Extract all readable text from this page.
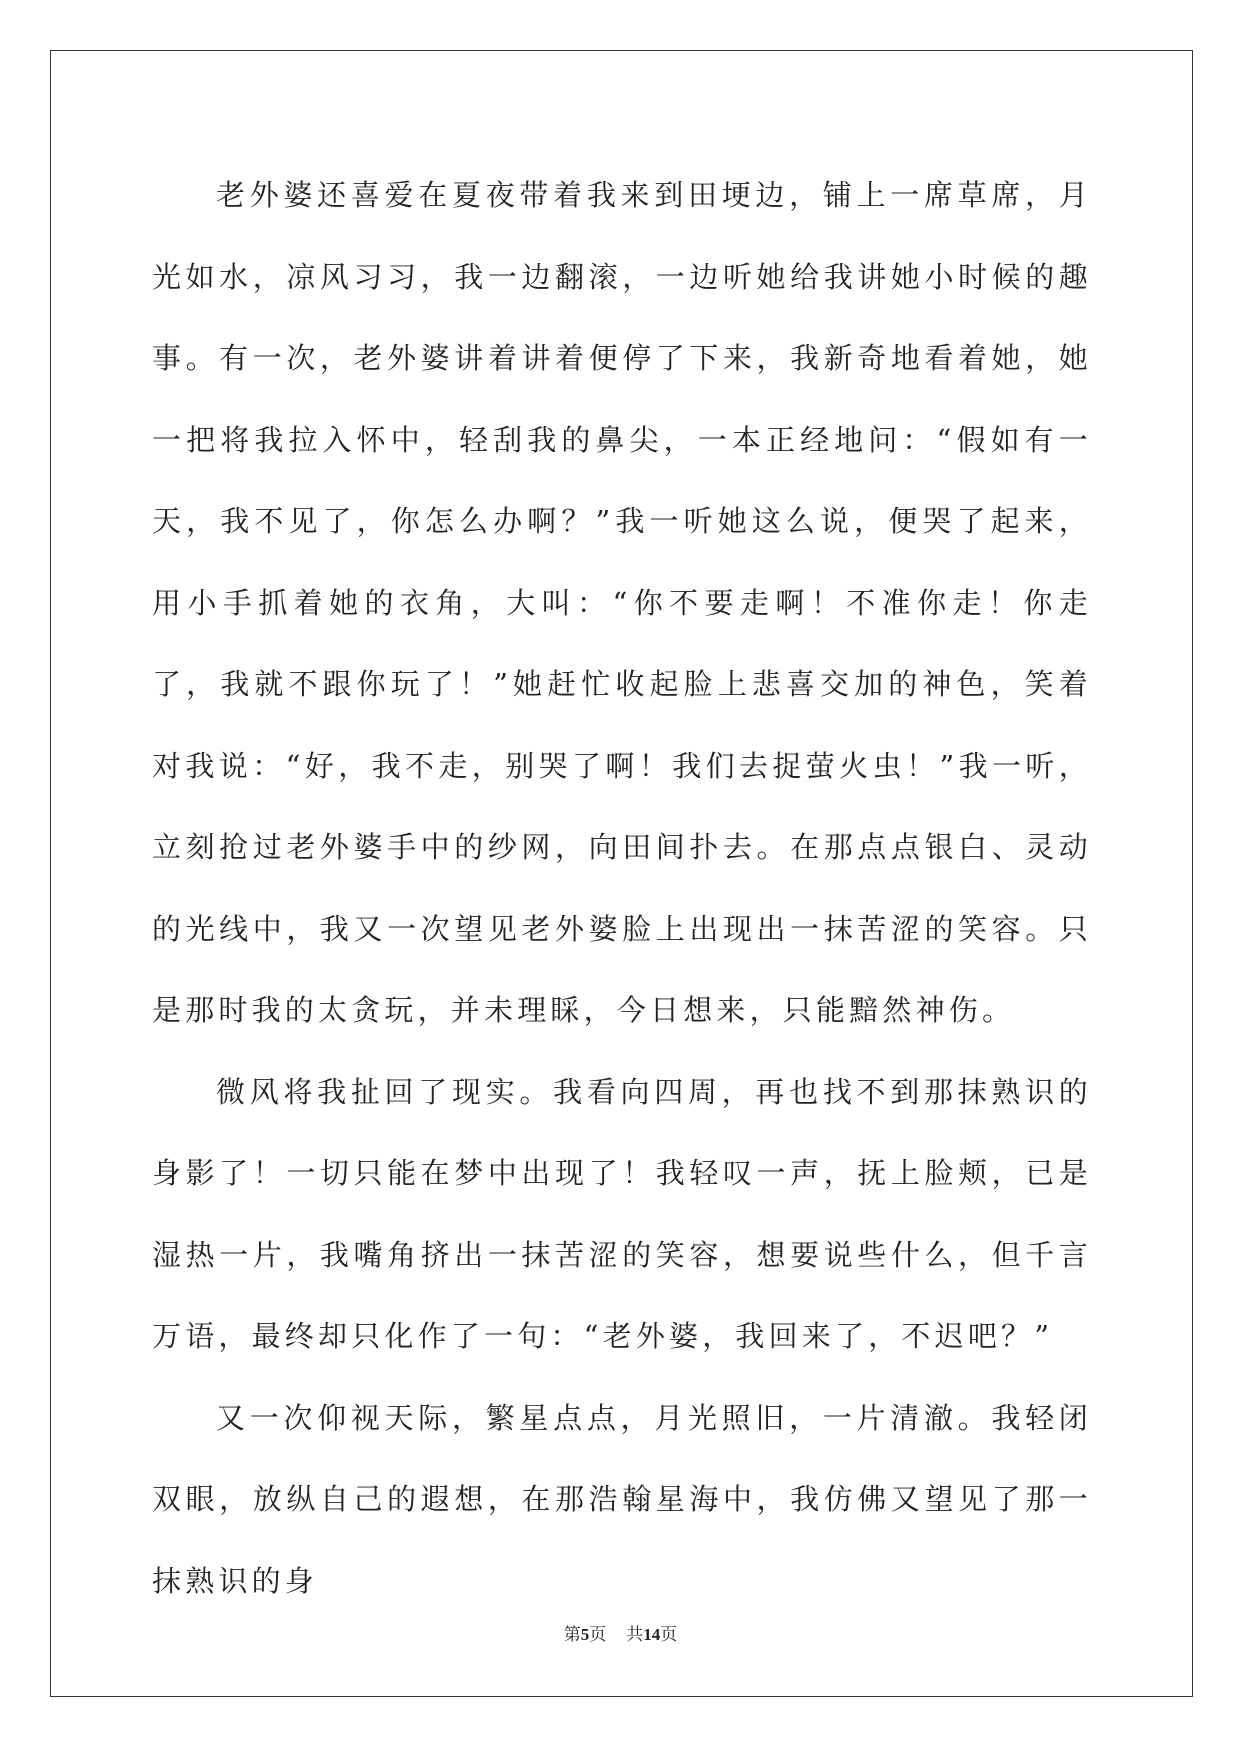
老外婆还喜爱在夏夜带着我来到田埂边，铺上一席草席，月光如水，凉风习习，我一边翻滚，一边听她给我讲她小时候的趣事。有一次，老外婆讲着讲着便停了下来，我新奇地看着她，她一把将我拉入怀中，轻刮我的鼻尖，一本正经地问：“假如有一天，我不见了，你怎么办啊？”我一听她这么说，便哭了起来，用小手抓着她的衣角，大叫：“你不要走啊！不准你走！你走了，我就不跟你玩了！”她赶忙收起脸上悲喜交加的神色，笑着对我说：“好，我不走，别哭了啊！我们去捉萤火虫！”我一听，立刻抢过老外婆手中的纱网，向田间扑去。在那点点银白、灵动的光线中，我又一次望见老外婆脸上出现出一抹苦涩的笑容。只是那时我的太贪玩，并未理睬，今日想来，只能黯然神伤。

微风将我扯回了现实。我看向四周，再也找不到那抹熟识的身影了！一切只能在梦中出现了！我轻叹一声，抚上脸颊，已是湿热一片，我嘴角挤出一抹苦涩的笑容，想要说些什么，但千言万语，最终却只化作了一句：“老外婆，我回来了，不迟吧？”

又一次仰视天际，繁星点点，月光照旧，一片清澈。我轻闭双眼，放纵自己的遐想，在那浩翰星海中，我仿佛又望见了那一抹熟识的身

第5页 共14页
